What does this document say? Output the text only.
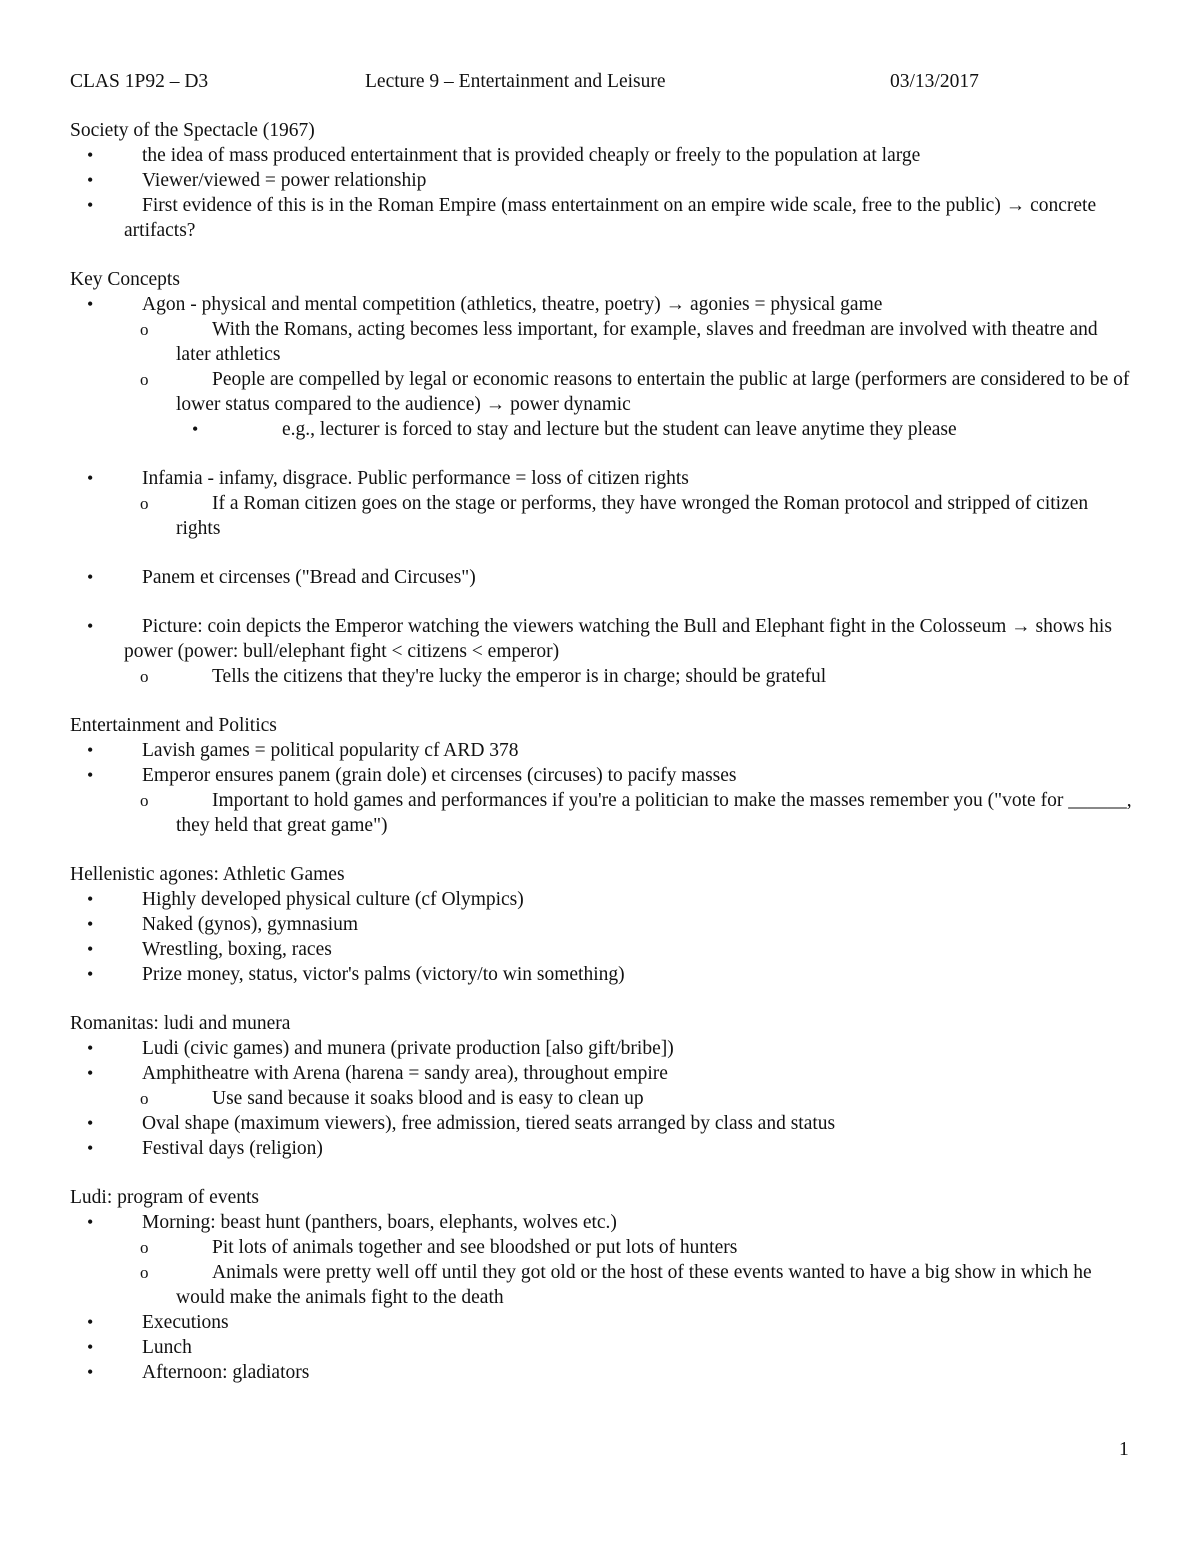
CLAS 1P92 – D3	Lecture 9 – Entertainment and Leisure	03/13/2017
Society of the Spectacle (1967)
• the idea of mass produced entertainment that is provided cheaply or freely to the population at large
• Viewer/viewed = power relationship
• First evidence of this is in the Roman Empire (mass entertainment on an empire wide scale, free to the public) → concrete artifacts?
Key Concepts
• Agon - physical and mental competition (athletics, theatre, poetry) → agonies = physical game
o	With the Romans, acting becomes less important, for example, slaves and freedman are involved with theatre and later athletics
o	People are compelled by legal or economic reasons to entertain the public at large (performers are considered to be of lower status compared to the audience) → power dynamic
•	e.g., lecturer is forced to stay and lecture but the student can leave anytime they please
• Infamia - infamy, disgrace. Public performance = loss of citizen rights
o	If a Roman citizen goes on the stage or performs, they have wronged the Roman protocol and stripped of citizen rights
• Panem et circenses ("Bread and Circuses")
• Picture: coin depicts the Emperor watching the viewers watching the Bull and Elephant fight in the Colosseum → shows his power (power: bull/elephant fight < citizens < emperor)
o	Tells the citizens that they're lucky the emperor is in charge; should be grateful
Entertainment and Politics
• Lavish games = political popularity cf ARD 378
• Emperor ensures panem (grain dole) et circenses (circuses) to pacify masses
o	Important to hold games and performances if you're a politician to make the masses remember you ("vote for ______, they held that great game")
Hellenistic agones: Athletic Games
• Highly developed physical culture (cf Olympics)
• Naked (gynos), gymnasium
• Wrestling, boxing, races
• Prize money, status, victor's palms (victory/to win something)
Romanitas: ludi and munera
• Ludi (civic games) and munera (private production [also gift/bribe])
• Amphitheatre with Arena (harena = sandy area), throughout empire
o	Use sand because it soaks blood and is easy to clean up
• Oval shape (maximum viewers), free admission, tiered seats arranged by class and status
• Festival days (religion)
Ludi: program of events
• Morning: beast hunt (panthers, boars, elephants, wolves etc.)
o	Pit lots of animals together and see bloodshed or put lots of hunters
o	Animals were pretty well off until they got old or the host of these events wanted to have a big show in which he would make the animals fight to the death
• Executions
• Lunch
• Afternoon: gladiators
1
